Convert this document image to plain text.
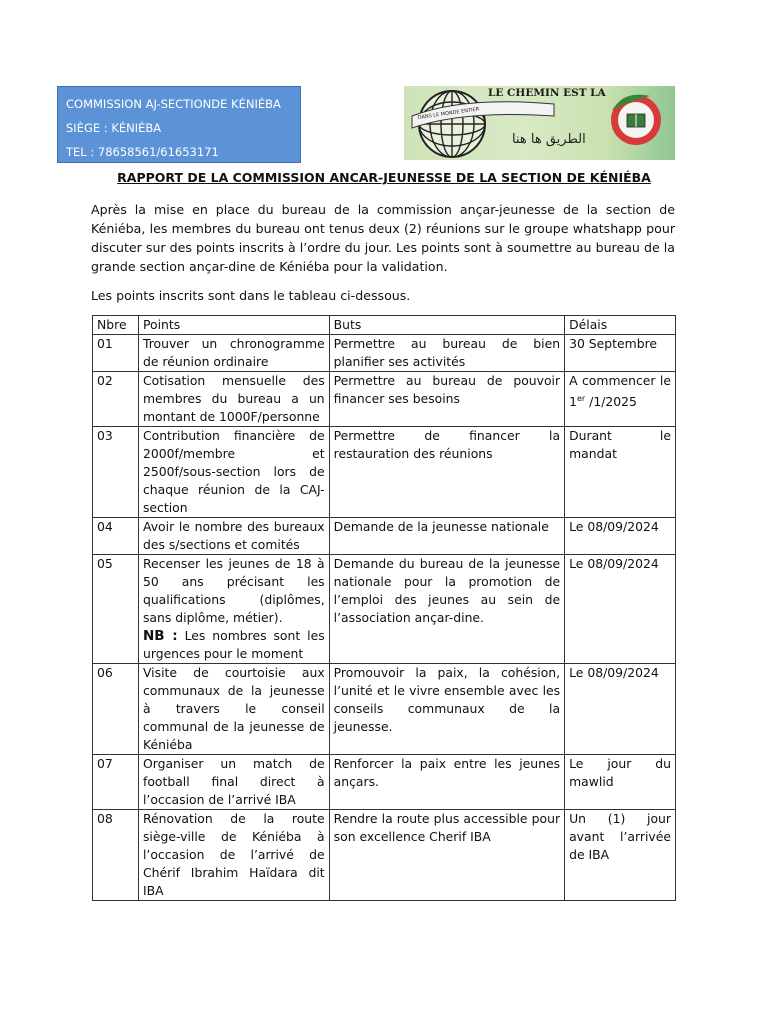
COMMISSION AJ-SECTIONDE KÉNIÉBA
SIÈGE : KÉNIÉBA
TEL : 78658561/61653171
DANS LE MONDE ENTIER
LE CHEMIN EST LA
الطريق ها هنا
RAPPORT DE LA COMMISSION ANCAR-JEUNESSE DE LA SECTION DE KÉNIÉBA

Après la mise en place du bureau de la commission ançar-jeunesse de la section de Kéniéba, les membres du bureau ont tenus deux (2) réunions sur le groupe whatshapp pour discuter sur des points inscrits à l’ordre du jour. Les points sont à soumettre au bureau de la grande section ançar-dine de Kéniéba pour la validation.

Les points inscrits sont dans le tableau ci-dessous.

Nbre	Points	Buts	Délais
01	Trouver un chronogramme de réunion ordinaire	Permettre au bureau de bien planifier ses activités	30 Septembre
02	Cotisation mensuelle des membres du bureau a un montant de 1000F/personne	Permettre au bureau de pouvoir financer ses besoins	A commencer le 1er /1/2025
03	Contribution financière de 2000f/membre et 2500f/sous-section lors de chaque réunion de la CAJ-section	Permettre de financer la restauration des réunions	Durant le mandat
04	Avoir le nombre des bureaux des s/sections et comités	Demande de la jeunesse nationale	Le 08/09/2024
05	Recenser les jeunes de 18 à 50 ans précisant les qualifications (diplômes, sans diplôme, métier).
NB : Les nombres sont les urgences pour le moment	Demande du bureau de la jeunesse nationale pour la promotion de l’emploi des jeunes au sein de l’association ançar-dine.	Le 08/09/2024
06	Visite de courtoisie aux communaux de la jeunesse à travers le conseil communal de la jeunesse de Kéniéba	Promouvoir la paix, la cohésion, l’unité et le vivre ensemble avec les conseils communaux de la jeunesse.	Le 08/09/2024
07	Organiser un match de football final direct à l’occasion de l’arrivé IBA	Renforcer la paix entre les jeunes ançars.	Le jour du mawlid
08	Rénovation de la route siège-ville de Kéniéba à l’occasion de l’arrivé de Chérif Ibrahim Haïdara dit IBA	Rendre la route plus accessible pour son excellence Cherif IBA	Un (1) jour avant l’arrivée de IBA
